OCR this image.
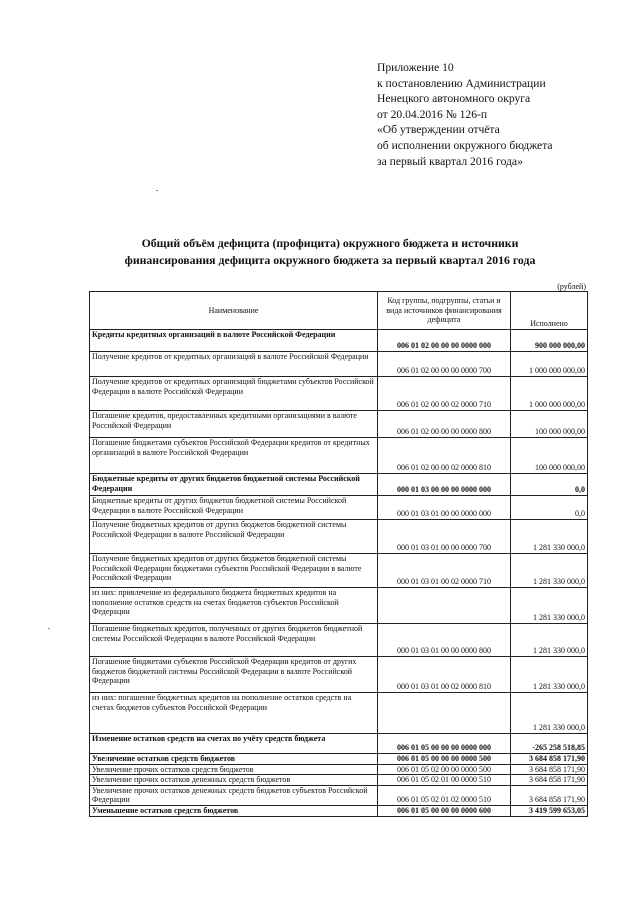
Приложение 10
к постановлению Администрации
Ненецкого автономного округа
от 20.04.2016 № 126-п
«Об утверждении отчёта
об исполнении окружного бюджета
за первый квартал 2016 года»
Общий объём дефицита (профицита) окружного бюджета и источники
финансирования дефицита окружного бюджета за первый квартал 2016 года
(рублей)
Наименование	Код группы, подгруппы, статьи и вида источников финансирования дефицита	Исполнено
Кредиты кредитных организаций в валюте Российской Федерации	006 01 02 00 00 00 0000 000	900 000 000,00
Получение кредитов от кредитных организаций в валюте Российской Федерации	006 01 02 00 00 00 0000 700	1 000 000 000,00
Получение кредитов от кредитных организаций бюджетами субъектов Российской Федерации в валюте Российской Федерации	006 01 02 00 00 02 0000 710	1 000 000 000,00
Погашение кредитов, предоставленных кредитными организациями в валюте Российской Федерации	006 01 02 00 00 00 0000 800	100 000 000,00
Погашение бюджетами субъектов Российской Федерации кредитов от кредитных организаций в валюте Российской Федерации	006 01 02 00 00 02 0000 810	100 000 000,00
Бюджетные кредиты от других бюджетов бюджетной системы Российской Федерации	000 01 03 00 00 00 0000 000	0,0
Бюджетные кредиты от других бюджетов бюджетной системы Российской Федерации в валюте Российской Федерации	000 01 03 01 00 00 0000 000	0,0
Получение бюджетных кредитов от других бюджетов бюджетной системы Российской Федерации в валюте Российской Федерации	000 01 03 01 00 00 0000 700	1 281 330 000,0
Получение бюджетных кредитов от других бюджетов бюджетной системы Российской Федерации бюджетами субъектов Российской Федерации в валюте Российской Федерации	000 01 03 01 00 02 0000 710	1 281 330 000,0
из них: привлечение из федерального бюджета бюджетных кредитов на пополнение остатков средств на счетах бюджетов субъектов Российской Федерации		1 281 330 000,0
Погашение бюджетных кредитов, полученных от других бюджетов бюджетной системы Российской Федерации в валюте Российской Федерации	000 01 03 01 00 00 0000 800	1 281 330 000,0
Погашение бюджетами субъектов Российской Федерации кредитов от других бюджетов бюджетной системы Российской Федерации в валюте Российской Федерации	000 01 03 01 00 02 0000 810	1 281 330 000,0
из них: погашение бюджетных кредитов на пополнение остатков средств на счетах бюджетов субъектов Российской Федерации		1 281 330 000,0
Изменение остатков средств на счетах по учёту средств бюджета	006 01 05 00 00 00 0000 000	-265 258 518,85
Увеличение остатков средств бюджетов	006 01 05 00 00 00 0000 500	3 684 858 171,90
Увеличение прочих остатков средств бюджетов	006 01 05 02 00 00 0000 500	3 684 858 171,90
Увеличение прочих остатков денежных средств бюджетов	006 01 05 02 01 00 0000 510	3 684 858 171,90
Увеличение прочих остатков денежных средств бюджетов субъектов Российской Федерации	006 01 05 02 01 02 0000 510	3 684 858 171,90
Уменьшение остатков средств бюджетов	006 01 05 00 00 00 0000 600	3 419 599 653,05
